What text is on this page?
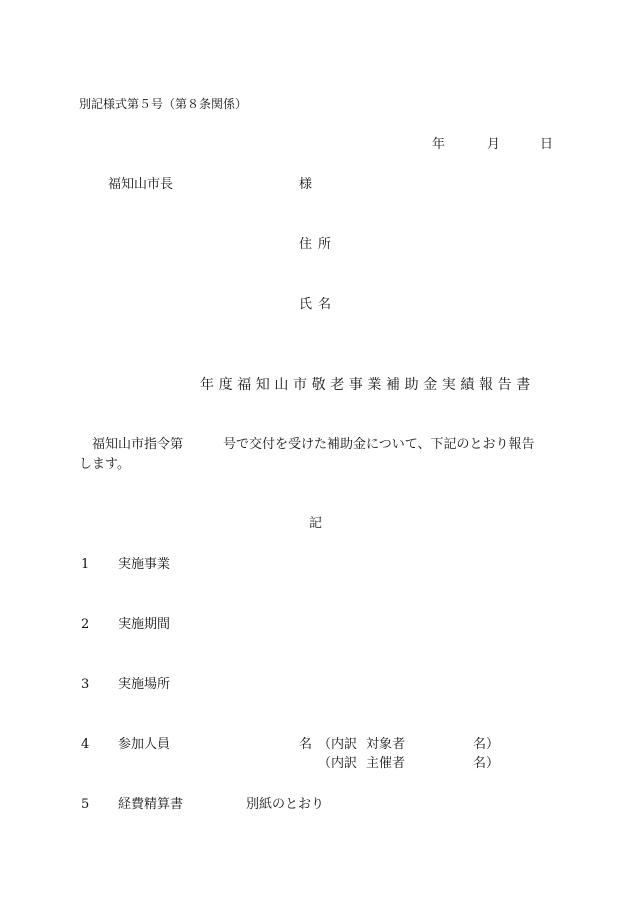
別記様式第５号（第８条関係）
年	月	日
福知山市長	様
住所
氏名
年度福知山市敬老事業補助金実績報告書
福知山市指令第	号で交付を受けた補助金について、下記のとおり報告
します。
記
1 実施事業
2 実施期間
3 実施場所
4 参加人員	名 （内訳 対象者	名）
（内訳 主催者	名）
5 経費精算書	別紙のとおり
